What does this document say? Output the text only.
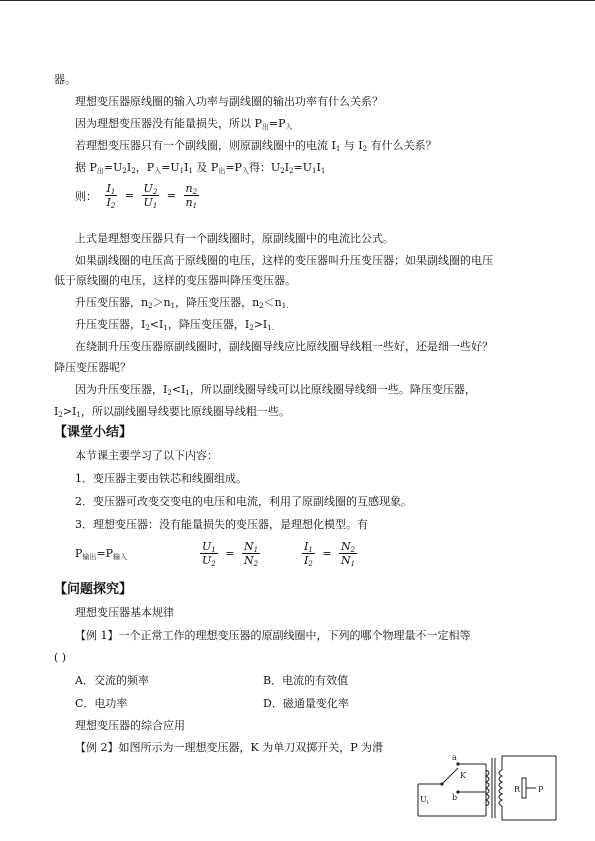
器。
理想变压器原线圈的输入功率与副线圈的输出功率有什么关系？
因为理想变压器没有能量损失，所以 $P_出=P_入$
若理想变压器只有一个副线圈，则原副线圈中的电流 $I_1$ 与 $I_2$ 有什么关系？
据 $P_出=U_2I_2$，$P_入=U_1I_1$ 及 $P_出=P_入$得：$U_2I_2=U_1I_1$
则： $\frac{I_1}{I_2} = \frac{U_2}{U_1} = \frac{n_2}{n_1}$
上式是理想变压器只有一个副线圈时，原副线圈中的电流比公式。
如果副线圈的电压高于原线圈的电压，这样的变压器叫升压变压器；如果副线圈的电压
低于原线圈的电压，这样的变压器叫降压变压器。
升压变压器，$n_2>n_1$，降压变压器，$n_2<n_{1.}$
升压变压器，$I_2<I_1$，降压变压器，$I_2>I_{1.}$
在绕制升压变压器原副线圈时，副线圈导线应比原线圈导线粗一些好，还是细一些好？
降压变压器呢？
因为升压变压器，$I_2<I_1$，所以副线圈导线可以比原线圈导线细一些。降压变压器，
$I_2>I_1$，所以副线圈导线要比原线圈导线粗一些。
【课堂小结】
本节课主要学习了以下内容：
1．变压器主要由铁芯和线圈组成。
2．变压器可改变交变电的电压和电流，利用了原副线圈的互感现象。
3．理想变压器：没有能量损失的变压器，是理想化模型。有
$P_{输出}=P_{输入}$	$\frac{U_1}{U_2} = \frac{N_1}{N_2}$	$\frac{I_1}{I_2} = \frac{N_2}{N_1}$
【问题探究】
理想变压器基本规律
【例 1】一个正常工作的理想变压器的原副线圈中，下列的哪个物理量不一定相等
( )
A．交流的频率	B．电流的有效值
C．电功率	D．磁通量变化率
理想变压器的综合应用
【例 2】如图所示为一理想变压器，K 为单刀双掷开关，P 为滑
a
b
K
R P
U 1
